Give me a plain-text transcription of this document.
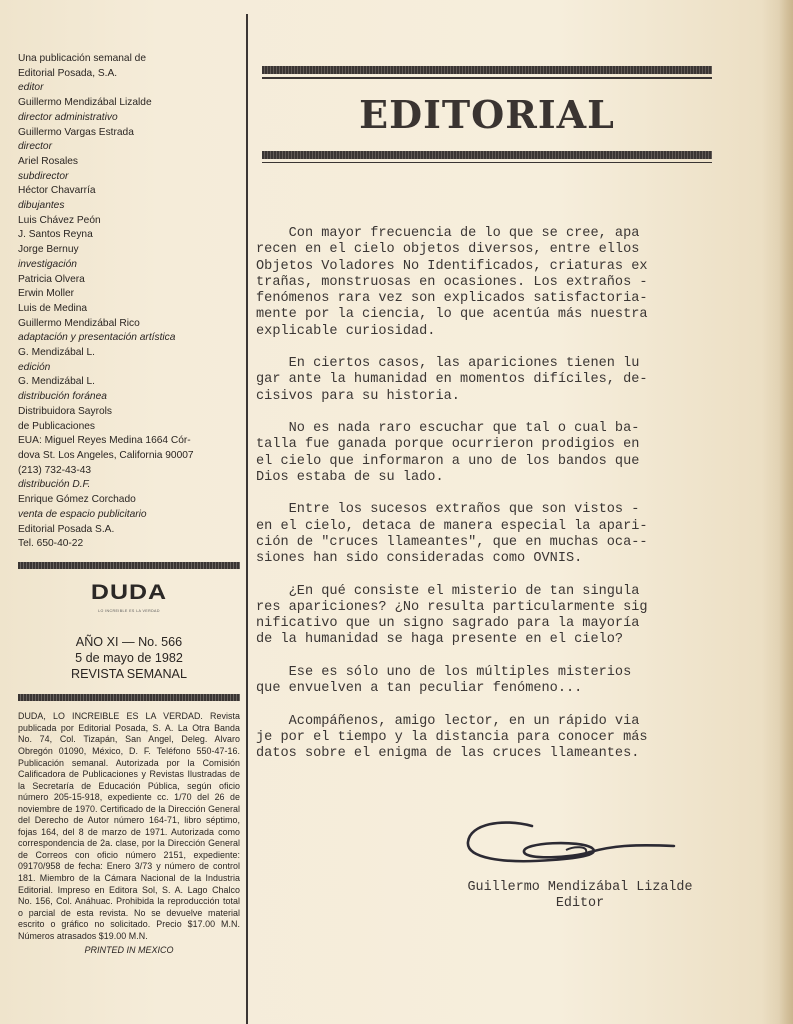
Una publicación semanal de
Editorial Posada, S.A.
editor
Guillermo Mendizábal Lizalde
director administrativo
Guillermo Vargas Estrada
director
Ariel Rosales
subdirector
Héctor Chavarría
dibujantes
Luis Chávez Peón
J. Santos Reyna
Jorge Bernuy
investigación
Patricia Olvera
Erwin Moller
Luis de Medina
Guillermo Mendizábal Rico
adaptación y presentación artística
G. Mendizábal L.
edición
G. Mendizábal L.
distribución foránea
Distribuidora Sayrols
de Publicaciones
EUA: Miguel Reyes Medina 1664 Cór-
dova St. Los Angeles, California 90007
(213) 732-43-43
distribución D.F.
Enrique Gómez Corchado
venta de espacio publicitario
Editorial Posada S.A.
Tel. 650-40-22
DUDA
LO INCREIBLE ES LA VERDAD
AÑO XI — No. 566
5 de mayo de 1982
REVISTA SEMANAL
DUDA, LO INCREIBLE ES LA VERDAD. Revista publicada por Editorial Posada, S. A. La Otra Banda No. 74, Col. Tizapán, San Angel, Deleg. Alvaro Obregón 01090, México, D. F. Teléfono 550-47-16. Publicación semanal. Autorizada por la Comisión Calificadora de Publicaciones y Revistas Ilustradas de la Secretaría de Educación Pública, según oficio número 205-15-918, expediente cc. 1/70 del 26 de noviembre de 1970. Certificado de la Dirección General del Derecho de Autor número 164-71, libro séptimo, fojas 164, del 8 de marzo de 1971. Autorizada como correspondencia de 2a. clase, por la Dirección General de Correos con oficio número 2151, expediente: 09170/958 de fecha: Enero 3/73 y número de control 181. Miembro de la Cámara Nacional de la Industria Editorial. Impreso en Editora Sol, S. A. Lago Chalco No. 156, Col. Anáhuac. Prohibida la reproducción total o parcial de esta revista. No se devuelve material escrito o gráfico no solicitado. Precio $17.00 M.N. Números atrasados $19.00 M.N.
PRINTED IN MEXICO
EDITORIAL
Con mayor frecuencia de lo que se cree, apa
recen en el cielo objetos diversos, entre ellos
Objetos Voladores No Identificados, criaturas ex
trañas, monstruosas en ocasiones. Los extraños -
fenómenos rara vez son explicados satisfactoria-
mente por la ciencia, lo que acentúa más nuestra
explicable curiosidad.
En ciertos casos, las apariciones tienen lu
gar ante la humanidad en momentos difíciles, de-
cisivos para su historia.
No es nada raro escuchar que tal o cual ba-
talla fue ganada porque ocurrieron prodigios en
el cielo que informaron a uno de los bandos que
Dios estaba de su lado.
Entre los sucesos extraños que son vistos -
en el cielo, detaca de manera especial la apari-
ción de "cruces llameantes", que en muchas oca--
siones han sido consideradas como OVNIS.
¿En qué consiste el misterio de tan singula
res apariciones? ¿No resulta particularmente sig
nificativo que un signo sagrado para la mayoría
de la humanidad se haga presente en el cielo?
Ese es sólo uno de los múltiples misterios
que envuelven a tan peculiar fenómeno...
Acompáñenos, amigo lector, en un rápido via
je por el tiempo y la distancia para conocer más
datos sobre el enigma de las cruces llameantes.
Guillermo Mendizábal Lizalde
Editor
